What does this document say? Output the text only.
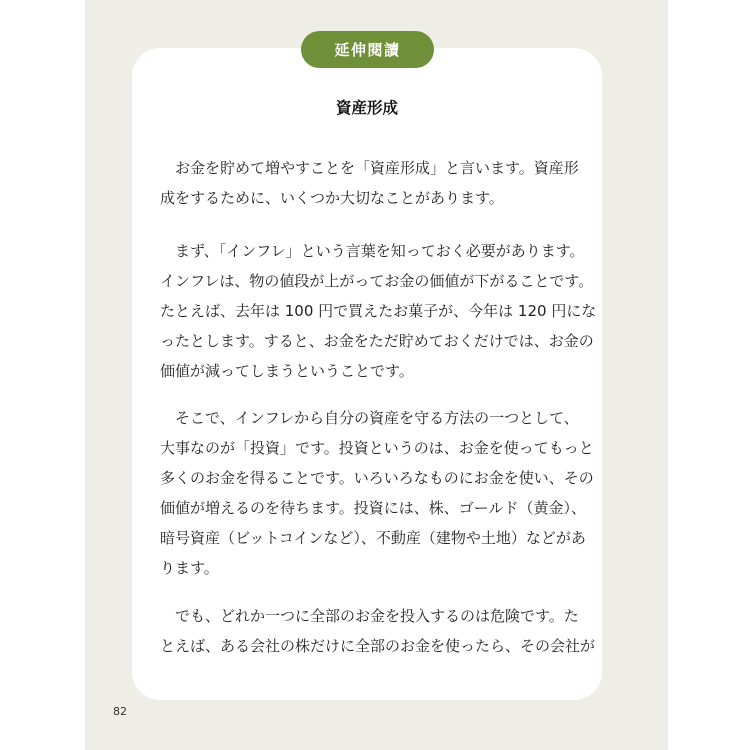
延伸閱讀
資産形成
お金を貯めて増やすことを「資産形成」と言います。資産形
成をするために、いくつか大切なことがあります。
まず、「インフレ」という言葉を知っておく必要があります。
インフレは、物の値段が上がってお金の価値が下がることです。
たとえば、去年は 100 円で買えたお菓子が、今年は 120 円にな
ったとします。すると、お金をただ貯めておくだけでは、お金の
価値が減ってしまうということです。
そこで、インフレから自分の資産を守る方法の一つとして、
大事なのが「投資」です。投資というのは、お金を使ってもっと
多くのお金を得ることです。いろいろなものにお金を使い、その
価値が増えるのを待ちます。投資には、株、ゴールド（黄金）、
暗号資産（ビットコインなど）、不動産（建物や土地）などがあ
ります。
でも、どれか一つに全部のお金を投入するのは危険です。た
とえば、ある会社の株だけに全部のお金を使ったら、その会社が
82
